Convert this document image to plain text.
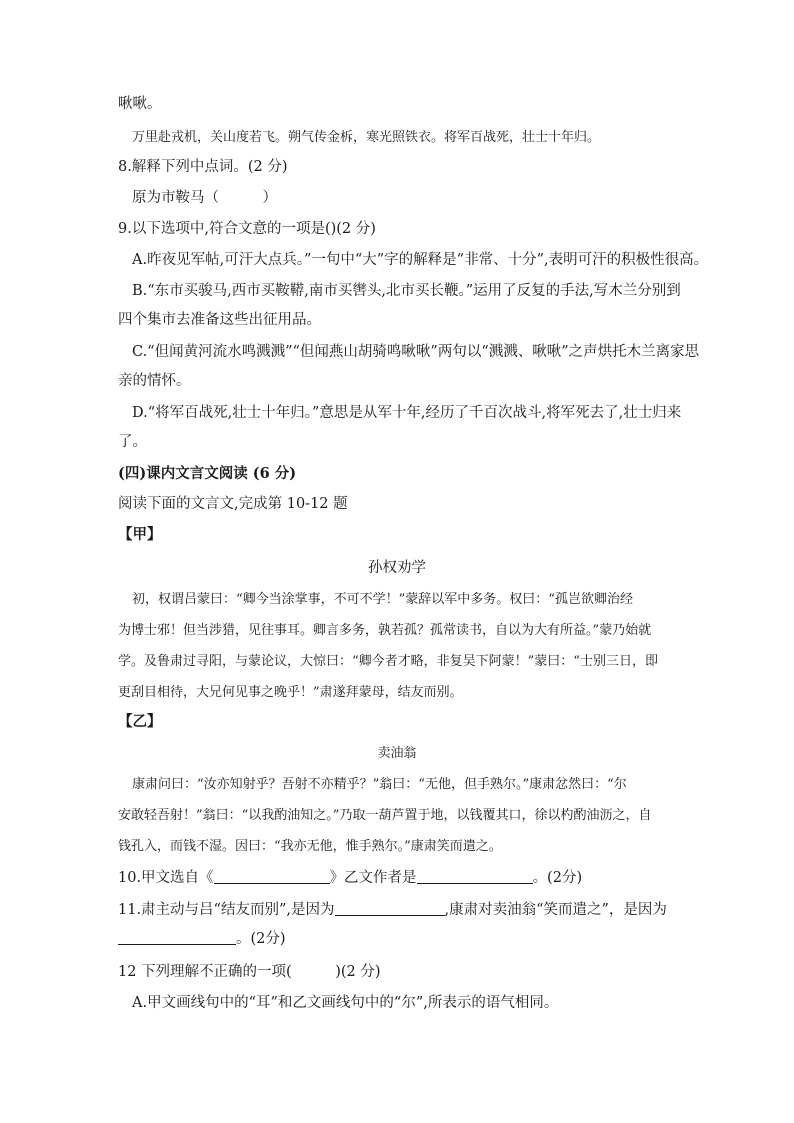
啾啾。
万里赴戎机，关山度若飞。朔气传金柝，寒光照铁衣。将军百战死，壮士十年归。
8.解释下列中点词。(2 分)
原为市鞍马（　　　）
9.以下选项中,符合文意的一项是()(2 分)
A.昨夜见军帖,可汗大点兵。”一句中“大”字的解释是“非常、十分”,表明可汗的积极性很高。
B.“东市买骏马,西市买鞍鞯,南市买辔头,北市买长鞭。”运用了反复的手法,写木兰分别到
四个集市去准备这些出征用品。
C.“但闻黄河流水鸣溅溅”“但闻燕山胡骑鸣啾啾”两句以“溅溅、啾啾”之声烘托木兰离家思
亲的情怀。
D.“将军百战死,壮士十年归。”意思是从军十年,经历了千百次战斗,将军死去了,壮士归来
了。
(四)课内文言文阅读 (6 分)
阅读下面的文言文,完成第 10-12 题
【甲】
孙权劝学
初，权谓吕蒙曰：“卿今当涂掌事，不可不学！”蒙辞以军中多务。权曰：“孤岂欲卿治经
为博士邪！但当涉猎，见往事耳。卿言多务，孰若孤？孤常读书，自以为大有所益。”蒙乃始就
学。及鲁肃过寻阳，与蒙论议，大惊曰：“卿今者才略，非复吴下阿蒙！”蒙曰：“士别三日，即
更刮目相待，大兄何见事之晚乎！”肃遂拜蒙母，结友而别。
【乙】
卖油翁
康肃问曰：“汝亦知射乎？吾射不亦精乎？”翁曰：“无他，但手熟尔。”康肃忿然曰：“尔
安敢轻吾射！”翁曰：“以我酌油知之。”乃取一葫芦置于地，以钱覆其口，徐以杓酌油沥之，自
钱孔入，而钱不湿。因曰：“我亦无他，惟手熟尔。”康肃笑而遣之。
10.甲文选自《	》乙文作者是	。(2分)
11.肃主动与吕“结友而别”,是因为	,康肃对卖油翁“笑而遣之”，是因为
。(2分)
12 下列理解不正确的一项(　　　)(2 分)
A.甲文画线句中的“耳”和乙文画线句中的“尔”,所表示的语气相同。
